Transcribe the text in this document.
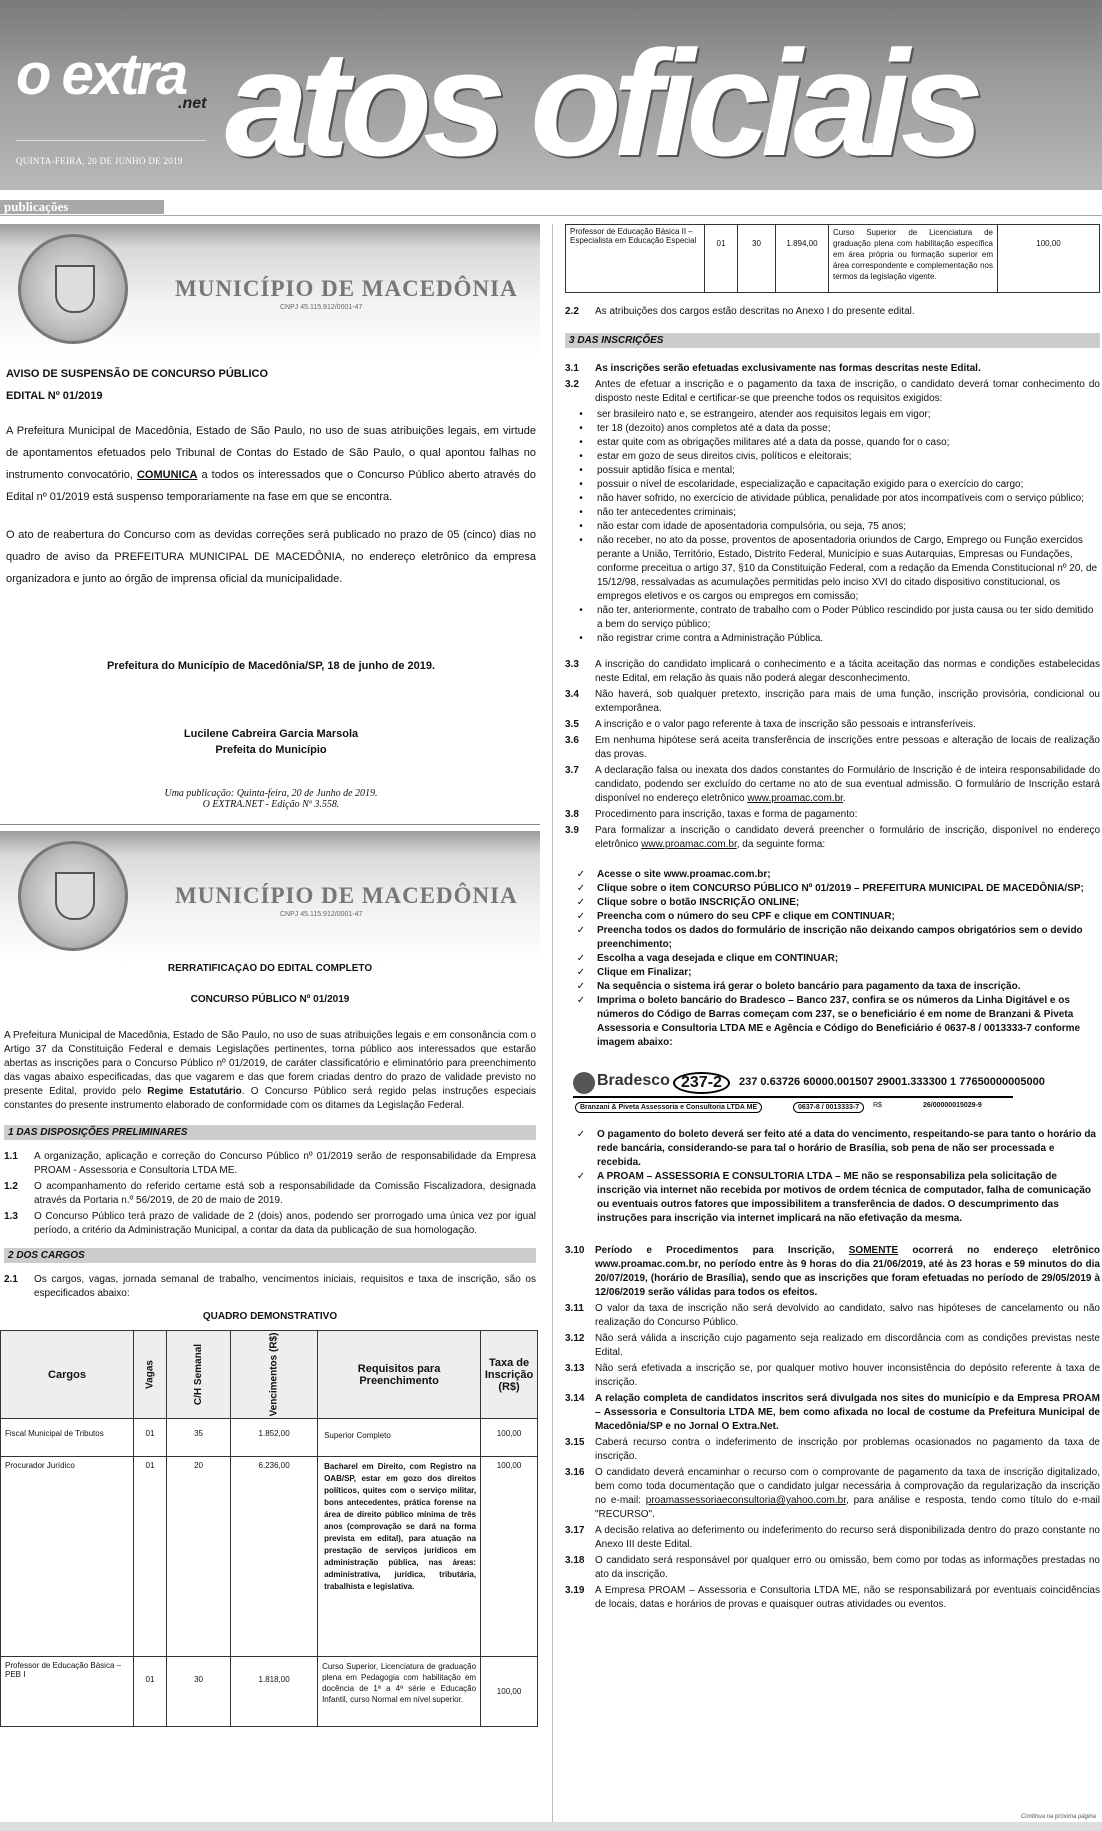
o extra
.net atos oficiais
QUINTA-FEIRA, 20 DE JUNHO DE 2019
publicações
MUNICÍPIO DE MACEDÔNIA
CNPJ 45.115.912/0001-47
AVISO DE SUSPENSÃO DE CONCURSO PÚBLICO
EDITAL Nº 01/2019

A Prefeitura Municipal de Macedônia, Estado de São Paulo, no uso de suas atribuições legais, em virtude de apontamentos efetuados pelo Tribunal de Contas do Estado de São Paulo, o qual apontou falhas no instrumento convocatório, COMUNICA a todos os interessados que o Concurso Público aberto através do Edital nº 01/2019 está suspenso temporariamente na fase em que se encontra.

O ato de reabertura do Concurso com as devidas correções será publicado no prazo de 05 (cinco) dias no quadro de aviso da PREFEITURA MUNICIPAL DE MACEDÔNIA, no endereço eletrônico da empresa organizadora e junto ao órgão de imprensa oficial da municipalidade.

Prefeitura do Município de Macedônia/SP, 18 de junho de 2019.
Lucilene Cabreira Garcia Marsola
Prefeita do Município
Uma publicação: Quinta-feira, 20 de Junho de 2019.
O EXTRA.NET - Edição Nº 3.558.
MUNICÍPIO DE MACEDÔNIA
CNPJ 45.115.912/0001-47
RERRATIFICAÇÃO DO EDITAL COMPLETO
CONCURSO PÚBLICO Nº 01/2019

A Prefeitura Municipal de Macedônia, Estado de São Paulo, no uso de suas atribuições legais e em consonância com o Artigo 37 da Constituição Federal e demais Legislações pertinentes, torna público aos interessados que estarão abertas as inscrições para o Concurso Público nº 01/2019, de caráter classificatório e eliminatório para preenchimento das vagas abaixo especificadas, das que vagarem e das que forem criadas dentro do prazo de validade previsto no presente Edital, provido pelo Regime Estatutário. O Concurso Público será regido pelas instruções especiais constantes do presente instrumento elaborado de conformidade com os ditames da Legislação Federal.

1 DAS DISPOSIÇÕES PRELIMINARES
1.1	A organização, aplicação e correção do Concurso Público nº 01/2019 serão de responsabilidade da Empresa PROAM - Assessoria e Consultoria LTDA ME.
1.2	O acompanhamento do referido certame está sob a responsabilidade da Comissão Fiscalizadora, designada através da Portaria n.º 56/2019, de 20 de maio de 2019.
1.3	O Concurso Público terá prazo de validade de 2 (dois) anos, podendo ser prorrogado uma única vez por igual período, a critério da Administração Municipal, a contar da data da publicação de sua homologação.
2 DOS CARGOS
2.1	Os cargos, vagas, jornada semanal de trabalho, vencimentos iniciais, requisitos e taxa de inscrição, são os especificados abaixo:
QUADRO DEMONSTRATIVO
Cargos	Vagas	C/H Semanal	Vencimentos (R$)	Requisitos para Preenchimento	Taxa de Inscrição (R$)
Fiscal Municipal de Tributos	01	35	1.852,00	Superior Completo	100,00
Procurador Jurídico	01	20	6.236,00	Bacharel em Direito, com Registro na OAB/SP, estar em gozo dos direitos políticos, quites com o serviço militar, bons antecedentes, prática forense na área de direito público mínima de três anos (comprovação se dará na forma prevista em edital), para atuação na prestação de serviços jurídicos em administração pública, nas áreas: administrativa, jurídica, tributária, trabalhista e legislativa.	100,00
Professor de Educação Básica – PEB I	01	30	1.818,00	Curso Superior, Licenciatura de graduação plena em Pedagogia com habilitação em docência de 1ª a 4ª série e Educação Infantil, curso Normal em nível superior.	100,00
Professor de Educação Básica II – Especialista em Educação Especial	01	30	1.894,00	Curso Superior de Licenciatura de graduação plena com habilitação específica em área própria ou formação superior em área correspondente e complementação nos termos da legislação vigente.	100,00
2.2	As atribuições dos cargos estão descritas no Anexo I do presente edital.
3 DAS INSCRIÇÕES
3.1	As inscrições serão efetuadas exclusivamente nas formas descritas neste Edital.
3.2	Antes de efetuar a inscrição e o pagamento da taxa de inscrição, o candidato deverá tomar conhecimento do disposto neste Edital e certificar-se que preenche todos os requisitos exigidos:
•	ser brasileiro nato e, se estrangeiro, atender aos requisitos legais em vigor;
•	ter 18 (dezoito) anos completos até a data da posse;
•	estar quite com as obrigações militares até a data da posse, quando for o caso;
•	estar em gozo de seus direitos civis, políticos e eleitorais;
•	possuir aptidão física e mental;
•	possuir o nível de escolaridade, especialização e capacitação exigido para o exercício do cargo;
•	não haver sofrido, no exercício de atividade pública, penalidade por atos incompatíveis com o serviço público;
•	não ter antecedentes criminais;
•	não estar com idade de aposentadoria compulsória, ou seja, 75 anos;
•	não receber, no ato da posse, proventos de aposentadoria oriundos de Cargo, Emprego ou Função exercidos perante a União, Território, Estado, Distrito Federal, Município e suas Autarquias, Empresas ou Fundações, conforme preceitua o artigo 37, §10 da Constituição Federal, com a redação da Emenda Constitucional nº 20, de 15/12/98, ressalvadas as acumulações permitidas pelo inciso XVI do citado dispositivo constitucional, os empregos eletivos e os cargos ou empregos em comissão;
•	não ter, anteriormente, contrato de trabalho com o Poder Público rescindido por justa causa ou ter sido demitido a bem do serviço público;
•	não registrar crime contra a Administração Pública.
3.3	A inscrição do candidato implicará o conhecimento e a tácita aceitação das normas e condições estabelecidas neste Edital, em relação às quais não poderá alegar desconhecimento.
3.4	Não haverá, sob qualquer pretexto, inscrição para mais de uma função, inscrição provisória, condicional ou extemporânea.
3.5	A inscrição e o valor pago referente à taxa de inscrição são pessoais e intransferíveis.
3.6	Em nenhuma hipótese será aceita transferência de inscrições entre pessoas e alteração de locais de realização das provas.
3.7	A declaração falsa ou inexata dos dados constantes do Formulário de Inscrição é de inteira responsabilidade do candidato, podendo ser excluído do certame no ato de sua eventual admissão. O formulário de Inscrição estará disponível no endereço eletrônico www.proamac.com.br.
3.8	Procedimento para inscrição, taxas e forma de pagamento:
3.9	Para formalizar a inscrição o candidato deverá preencher o formulário de inscrição, disponível no endereço eletrônico www.proamac.com.br, da seguinte forma:
✓	Acesse o site www.proamac.com.br;
✓	Clique sobre o item CONCURSO PÚBLICO Nº 01/2019 – PREFEITURA MUNICIPAL DE MACEDÔNIA/SP;
✓	Clique sobre o botão INSCRIÇÃO ONLINE;
✓	Preencha com o número do seu CPF e clique em CONTINUAR;
✓	Preencha todos os dados do formulário de inscrição não deixando campos obrigatórios sem o devido preenchimento;
✓	Escolha a vaga desejada e clique em CONTINUAR;
✓	Clique em Finalizar;
✓	Na sequência o sistema irá gerar o boleto bancário para pagamento da taxa de inscrição.
✓	Imprima o boleto bancário do Bradesco – Banco 237, confira se os números da Linha Digitável e os números do Código de Barras começam com 237, se o beneficiário é em nome de Branzani & Piveta Assessoria e Consultoria LTDA ME e Agência e Código do Beneficiário é 0637-8 / 0013333-7 conforme imagem abaixo:
Bradesco 237-2	237 0.63726 60000.001507 29001.333300 1 77650000005000
Branzani & Piveta Assessoria e Consultoria LTDA ME	0637-8 / 0013333-7	R$	26/00000015029-9
✓	O pagamento do boleto deverá ser feito até a data do vencimento, respeitando-se para tanto o horário da rede bancária, considerando-se para tal o horário de Brasília, sob pena de não ser processada e recebida.
✓	A PROAM – ASSESSORIA E CONSULTORIA LTDA – ME não se responsabiliza pela solicitação de inscrição via internet não recebida por motivos de ordem técnica de computador, falha de comunicação ou eventuais outros fatores que impossibilitem a transferência de dados. O descumprimento das instruções para inscrição via internet implicará na não efetivação da mesma.
3.10	Período e Procedimentos para Inscrição, SOMENTE ocorrerá no endereço eletrônico www.proamac.com.br, no período entre às 9 horas do dia 21/06/2019, até às 23 horas e 59 minutos do dia 20/07/2019, (horário de Brasília), sendo que as inscrições que foram efetuadas no período de 29/05/2019 à 12/06/2019 serão válidas para todos os efeitos.
3.11	O valor da taxa de inscrição não será devolvido ao candidato, salvo nas hipóteses de cancelamento ou não realização do Concurso Público.
3.12	Não será válida a inscrição cujo pagamento seja realizado em discordância com as condições previstas neste Edital.
3.13	Não será efetivada a inscrição se, por qualquer motivo houver inconsistência do depósito referente à taxa de inscrição.
3.14	A relação completa de candidatos inscritos será divulgada nos sites do município e da Empresa PROAM – Assessoria e Consultoria LTDA ME, bem como afixada no local de costume da Prefeitura Municipal de Macedônia/SP e no Jornal O Extra.Net.
3.15	Caberá recurso contra o indeferimento de inscrição por problemas ocasionados no pagamento da taxa de inscrição.
3.16	O candidato deverá encaminhar o recurso com o comprovante de pagamento da taxa de inscrição digitalizado, bem como toda documentação que o candidato julgar necessária à comprovação da regularização da inscrição no e-mail: proamassessoriaeconsultoria@yahoo.com.br, para análise e resposta, tendo como título do e-mail "RECURSO".
3.17	A decisão relativa ao deferimento ou indeferimento do recurso será disponibilizada dentro do prazo constante no Anexo III deste Edital.
3.18	O candidato será responsável por qualquer erro ou omissão, bem como por todas as informações prestadas no ato da inscrição.
3.19	A Empresa PROAM – Assessoria e Consultoria LTDA ME, não se responsabilizará por eventuais coincidências de locais, datas e horários de provas e quaisquer outras atividades ou eventos.
Continua na próxima página
